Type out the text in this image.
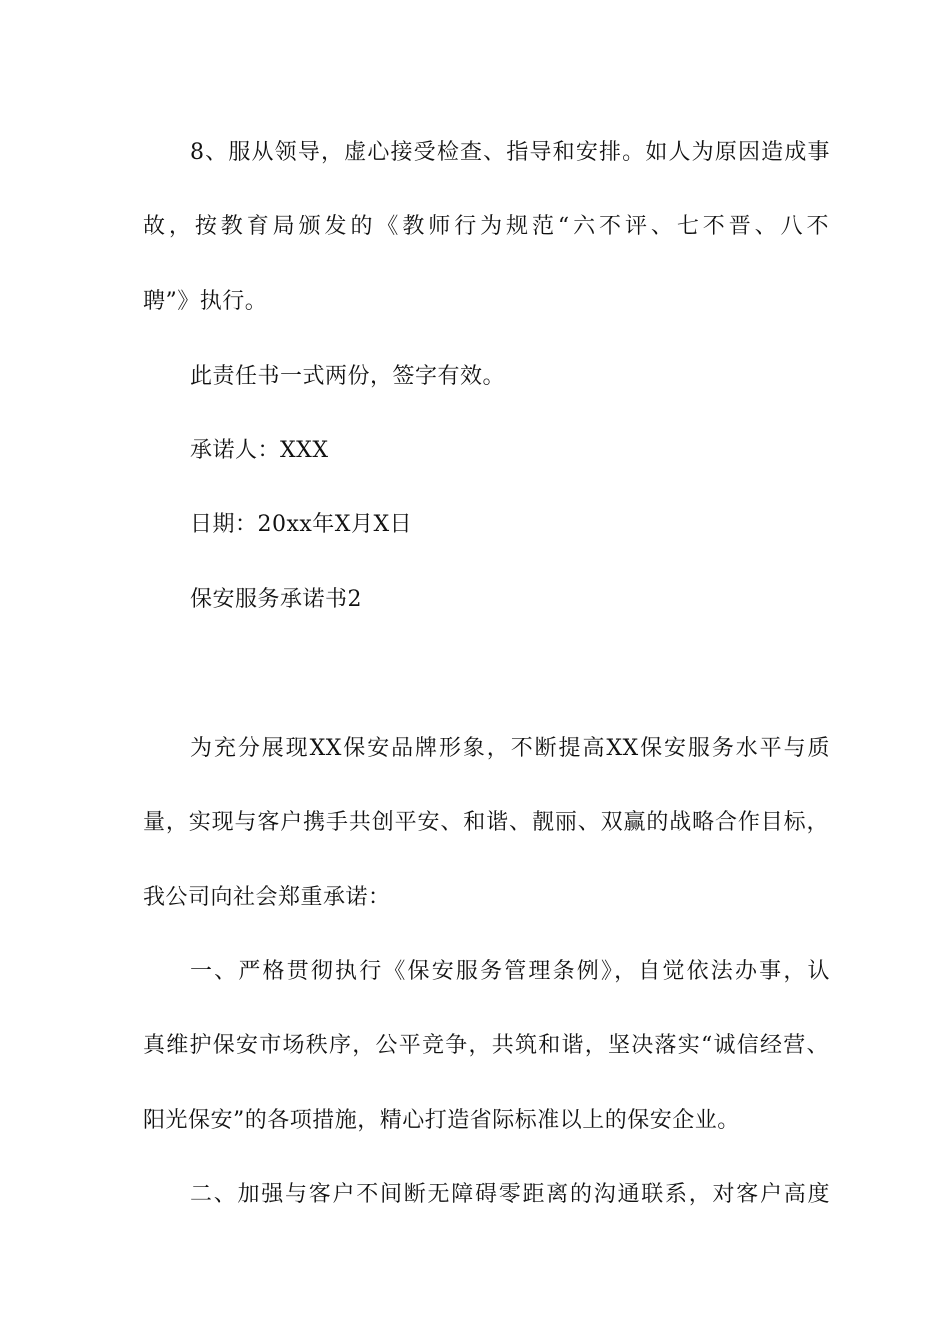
8、服从领导，虚心接受检查、指导和安排。如人为原因造成事
故，按教育局颁发的《教师行为规范“六不评、七不晋、八不
聘”》执行。
此责任书一式两份，签字有效。
承诺人：XXX
日期：20xx年X月X日
保安服务承诺书2
为充分展现XX保安品牌形象，不断提高XX保安服务水平与质
量，实现与客户携手共创平安、和谐、靓丽、双赢的战略合作目标，
我公司向社会郑重承诺：
一、严格贯彻执行《保安服务管理条例》，自觉依法办事，认
真维护保安市场秩序，公平竞争，共筑和谐，坚决落实“诚信经营、
阳光保安”的各项措施，精心打造省际标准以上的保安企业。
二、加强与客户不间断无障碍零距离的沟通联系，对客户高度
